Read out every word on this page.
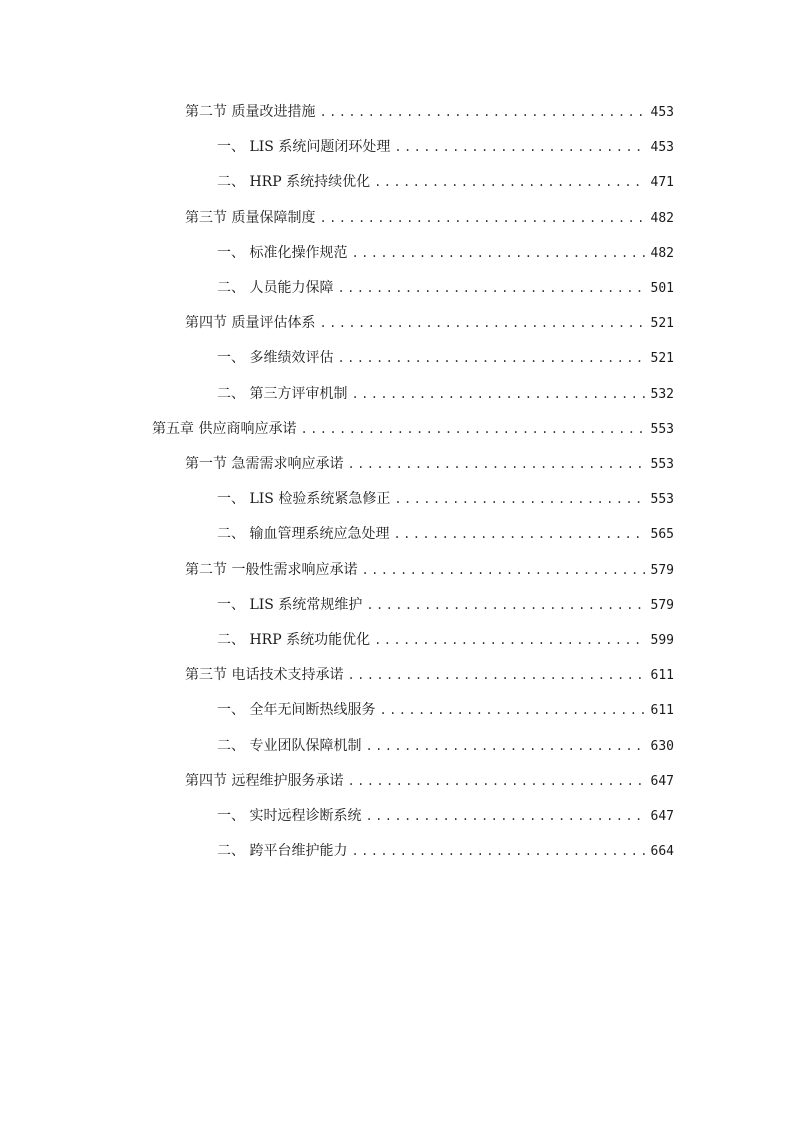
第二节 质量改进措施 .....	453
一、 LIS 系统问题闭环处理 .....	453
二、 HRP 系统持续优化 .....	471
第三节 质量保障制度 .....	482
一、 标准化操作规范 .....	482
二、 人员能力保障 .....	501
第四节 质量评估体系 .....	521
一、 多维绩效评估 .....	521
二、 第三方评审机制 .....	532
第五章 供应商响应承诺 .....	553
第一节 急需需求响应承诺 .....	553
一、 LIS 检验系统紧急修正 .....	553
二、 输血管理系统应急处理 .....	565
第二节 一般性需求响应承诺 .....	579
一、 LIS 系统常规维护 .....	579
二、 HRP 系统功能优化 .....	599
第三节 电话技术支持承诺 .....	611
一、 全年无间断热线服务 .....	611
二、 专业团队保障机制 .....	630
第四节 远程维护服务承诺 .....	647
一、 实时远程诊断系统 .....	647
二、 跨平台维护能力 .....	664
